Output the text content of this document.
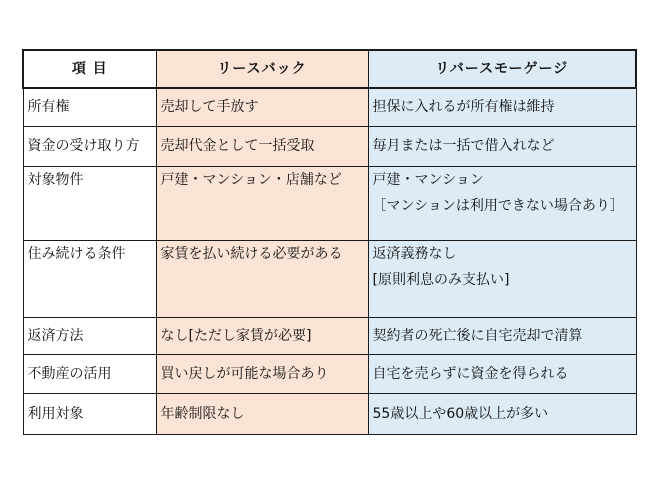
項 目	リースバック	リバースモーゲージ
所有権	売却して手放す	担保に入れるが所有権は維持

資金の受け取り方	売却代金として一括受取	毎月または一括で借入れなど

対象物件	戸建・マンション・店舗など	戸建・マンション
［マンションは利用できない場合あり］

住み続ける条件	家賃を払い続ける必要がある	返済義務なし
[原則利息のみ支払い]

返済方法	なし[ただし家賃が必要]	契約者の死亡後に自宅売却で清算

不動産の活用	買い戻しが可能な場合あり	自宅を売らずに資金を得られる

利用対象	年齢制限なし	55歳以上や60歳以上が多い
